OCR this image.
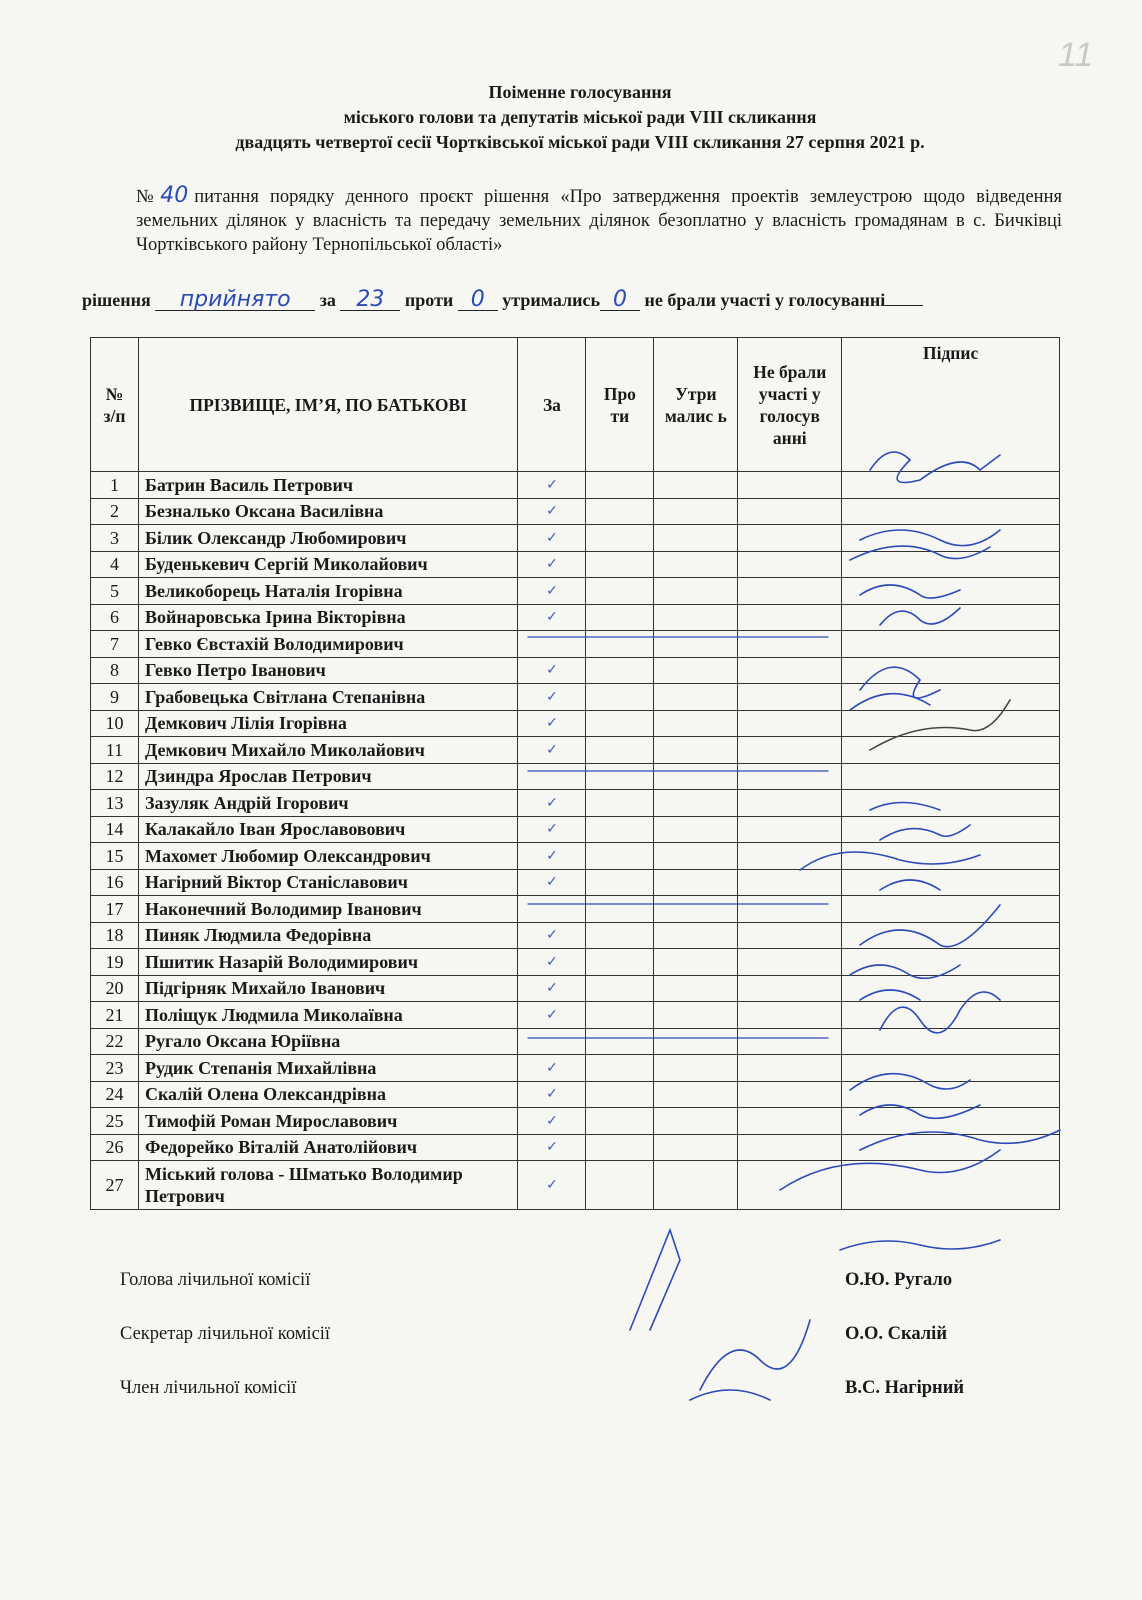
11
Поіменне голосування
міського голови та депутатів міської ради VIII скликання
двадцять четвертої сесії Чортківської міської ради VIII скликання 27 серпня 2021 р.
№40 питання порядку денного проєкт рішення «Про затвердження проектів землеустрою щодо відведення земельних ділянок у власність та передачу земельних ділянок безоплатно у власність громадянам в с. Бичківці Чортківського району Тернопільської області»
рішення прийнято за 23 проти 0 утримались 0 не брали участі у голосуванні
№
з/п	ПРІЗВИЩЕ, ІМ’Я, ПО БАТЬКОВІ	За	Про ти	Утри малис ь	Не брали участі у голосув анні	Підпис
1	Батрин Василь Петрович	✓				
2	Безналько Оксана Василівна	✓				
3	Білик Олександр Любомирович	✓				
4	Буденькевич Сергій Миколайович	✓				
5	Великоборець Наталія Ігорівна	✓				
6	Войнаровська Ірина Вікторівна	✓				
7	Гевко Євстахій Володимирович					
8	Гевко Петро Іванович	✓				
9	Грабовецька Світлана Степанівна	✓				
10	Демкович Лілія Ігорівна	✓				
11	Демкович Михайло Миколайович	✓				
12	Дзиндра Ярослав Петрович					
13	Зазуляк Андрій Ігорович	✓				
14	Калакайло Іван Ярославовович	✓				
15	Махомет Любомир Олександрович	✓				
16	Нагірний Віктор Станіславович	✓				
17	Наконечний Володимир Іванович					
18	Пиняк Людмила Федорівна	✓				
19	Пшитик Назарій Володимирович	✓				
20	Підгірняк Михайло Іванович	✓				
21	Поліщук Людмила Миколаївна	✓				
22	Ругало Оксана Юріївна					
23	Рудик Степанія Михайлівна	✓				
24	Скалій Олена Олександрівна	✓				
25	Тимофій Роман Мирославович	✓				
26	Федорейко Віталій Анатолійович	✓				
27	Міський голова - Шматько Володимир Петрович	✓				
Голова лічильної комісії	О.Ю. Ругало
Секретар лічильної комісії	О.О. Скалій
Член лічильної комісії	В.С. Нагірний
